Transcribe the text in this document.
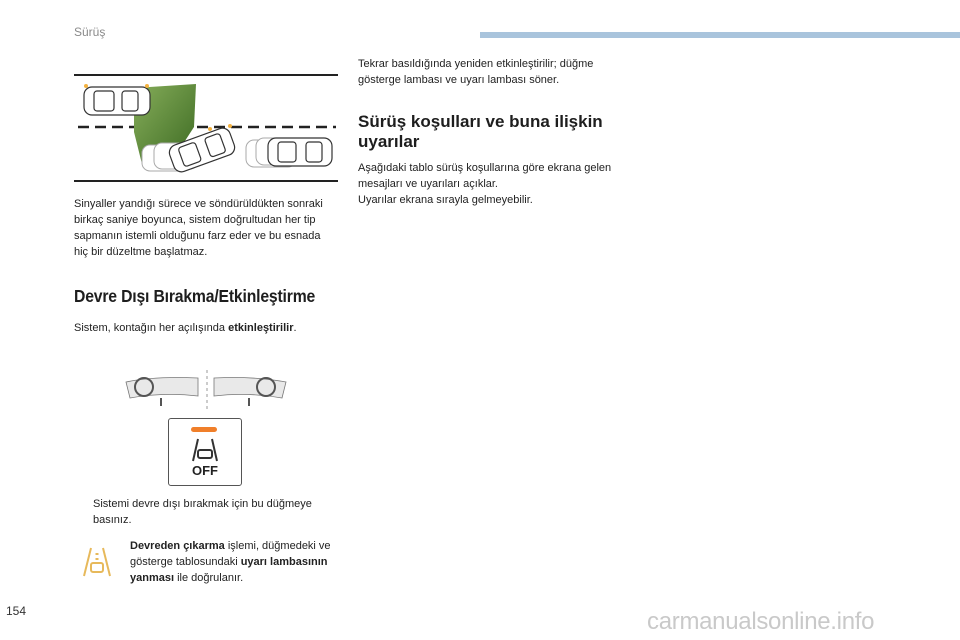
Sürüş
Sinyaller yandığı sürece ve söndürüldükten sonraki birkaç saniye boyunca, sistem doğrultudan her tip sapmanın istemli olduğunu farz eder ve bu esnada hiç bir düzeltme başlatmaz.
Devre Dışı Bırakma/Etkinleştirme
Sistem, kontağın her açılışında etkinleştirilir.
OFF
Sistemi devre dışı bırakmak için bu düğmeye basınız.
Devreden çıkarma işlemi, düğmedeki ve gösterge tablosundaki uyarı lambasının yanması ile doğrulanır.
Tekrar basıldığında yeniden etkinleştirilir; düğme gösterge lambası ve uyarı lambası söner.
Sürüş koşulları ve buna ilişkin uyarılar
Aşağıdaki tablo sürüş koşullarına göre ekrana gelen mesajları ve uyarıları açıklar.
Uyarılar ekrana sırayla gelmeyebilir.
154	carmanualsonline.info
